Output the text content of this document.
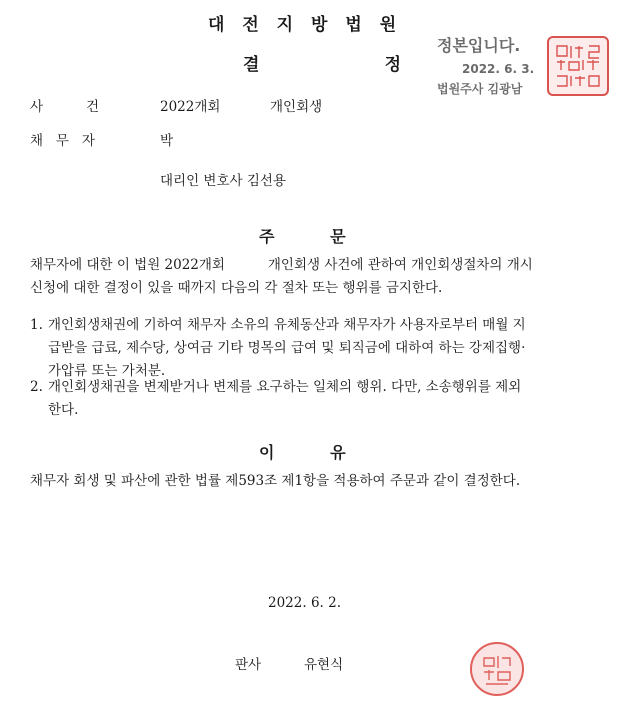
대 전 지 방 법 원
결          정
정본입니다.
2022. 6. 3.
법원주사 김광남
사          건	2022개회	개인회생
채   무   자	박
대리인 변호사 김선용
주          문
채무자에 대한 이 법원 2022개회          개인회생 사건에 관하여 개인회생절차의 개시
신청에 대한 결정이 있을 때까지 다음의 각 절차 또는 행위를 금지한다.
1. 개인회생채권에 기하여 채무자 소유의 유체동산과 채무자가 사용자로부터 매월 지
급받을 급료, 제수당, 상여금 기타 명목의 급여 및 퇴직금에 대하여 하는 강제집행·
가압류 또는 가처분.
2. 개인회생채권을 변제받거나 변제를 요구하는 일체의 행위. 다만, 소송행위를 제외
한다.
이          유
채무자 회생 및 파산에 관한 법률 제593조 제1항을 적용하여 주문과 같이 결정한다.
2022. 6. 2.
판사	유현식
